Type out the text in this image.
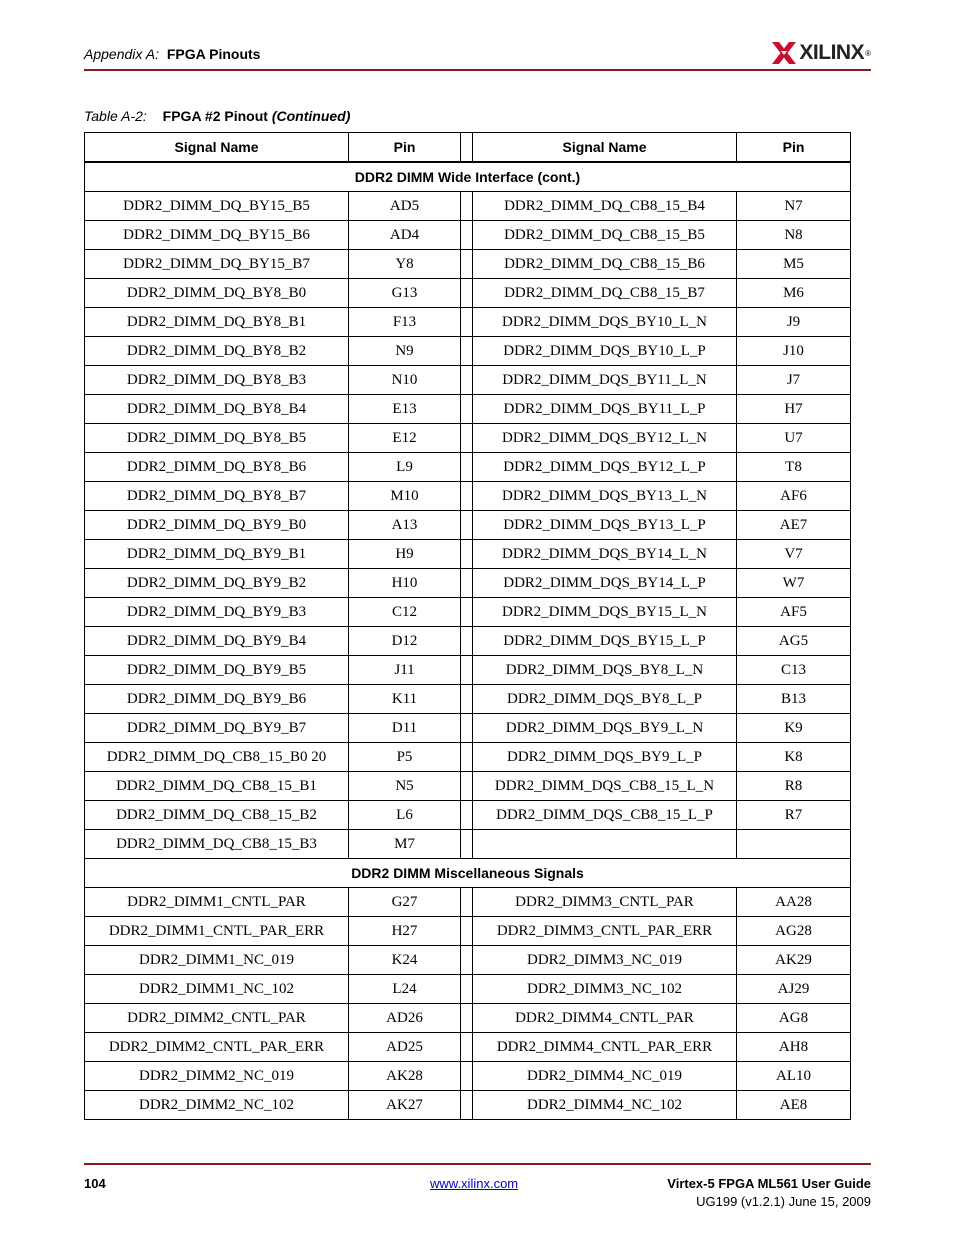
Appendix A: FPGA Pinouts	XILINX ®
Table A-2: FPGA #2 Pinout (Continued)
Signal Name	Pin		Signal Name	Pin
DDR2 DIMM Wide Interface (cont.)				
DDR2_DIMM_DQ_BY15_B5	AD5		DDR2_DIMM_DQ_CB8_15_B4	N7
DDR2_DIMM_DQ_BY15_B6	AD4		DDR2_DIMM_DQ_CB8_15_B5	N8
DDR2_DIMM_DQ_BY15_B7	Y8		DDR2_DIMM_DQ_CB8_15_B6	M5
DDR2_DIMM_DQ_BY8_B0	G13		DDR2_DIMM_DQ_CB8_15_B7	M6
DDR2_DIMM_DQ_BY8_B1	F13		DDR2_DIMM_DQS_BY10_L_N	J9
DDR2_DIMM_DQ_BY8_B2	N9		DDR2_DIMM_DQS_BY10_L_P	J10
DDR2_DIMM_DQ_BY8_B3	N10		DDR2_DIMM_DQS_BY11_L_N	J7
DDR2_DIMM_DQ_BY8_B4	E13		DDR2_DIMM_DQS_BY11_L_P	H7
DDR2_DIMM_DQ_BY8_B5	E12		DDR2_DIMM_DQS_BY12_L_N	U7
DDR2_DIMM_DQ_BY8_B6	L9		DDR2_DIMM_DQS_BY12_L_P	T8
DDR2_DIMM_DQ_BY8_B7	M10		DDR2_DIMM_DQS_BY13_L_N	AF6
DDR2_DIMM_DQ_BY9_B0	A13		DDR2_DIMM_DQS_BY13_L_P	AE7
DDR2_DIMM_DQ_BY9_B1	H9		DDR2_DIMM_DQS_BY14_L_N	V7
DDR2_DIMM_DQ_BY9_B2	H10		DDR2_DIMM_DQS_BY14_L_P	W7
DDR2_DIMM_DQ_BY9_B3	C12		DDR2_DIMM_DQS_BY15_L_N	AF5
DDR2_DIMM_DQ_BY9_B4	D12		DDR2_DIMM_DQS_BY15_L_P	AG5
DDR2_DIMM_DQ_BY9_B5	J11		DDR2_DIMM_DQS_BY8_L_N	C13
DDR2_DIMM_DQ_BY9_B6	K11		DDR2_DIMM_DQS_BY8_L_P	B13
DDR2_DIMM_DQ_BY9_B7	D11		DDR2_DIMM_DQS_BY9_L_N	K9
DDR2_DIMM_DQ_CB8_15_B0 20	P5		DDR2_DIMM_DQS_BY9_L_P	K8
DDR2_DIMM_DQ_CB8_15_B1	N5		DDR2_DIMM_DQS_CB8_15_L_N	R8
DDR2_DIMM_DQ_CB8_15_B2	L6		DDR2_DIMM_DQS_CB8_15_L_P	R7
DDR2_DIMM_DQ_CB8_15_B3	M7			
DDR2 DIMM Miscellaneous Signals				
DDR2_DIMM1_CNTL_PAR	G27		DDR2_DIMM3_CNTL_PAR	AA28
DDR2_DIMM1_CNTL_PAR_ERR	H27		DDR2_DIMM3_CNTL_PAR_ERR	AG28
DDR2_DIMM1_NC_019	K24		DDR2_DIMM3_NC_019	AK29
DDR2_DIMM1_NC_102	L24		DDR2_DIMM3_NC_102	AJ29
DDR2_DIMM2_CNTL_PAR	AD26		DDR2_DIMM4_CNTL_PAR	AG8
DDR2_DIMM2_CNTL_PAR_ERR	AD25		DDR2_DIMM4_CNTL_PAR_ERR	AH8
DDR2_DIMM2_NC_019	AK28		DDR2_DIMM4_NC_019	AL10
DDR2_DIMM2_NC_102	AK27		DDR2_DIMM4_NC_102	AE8
104	www.xilinx.com	Virtex-5 FPGA ML561 User Guide
UG199 (v1.2.1) June 15, 2009
